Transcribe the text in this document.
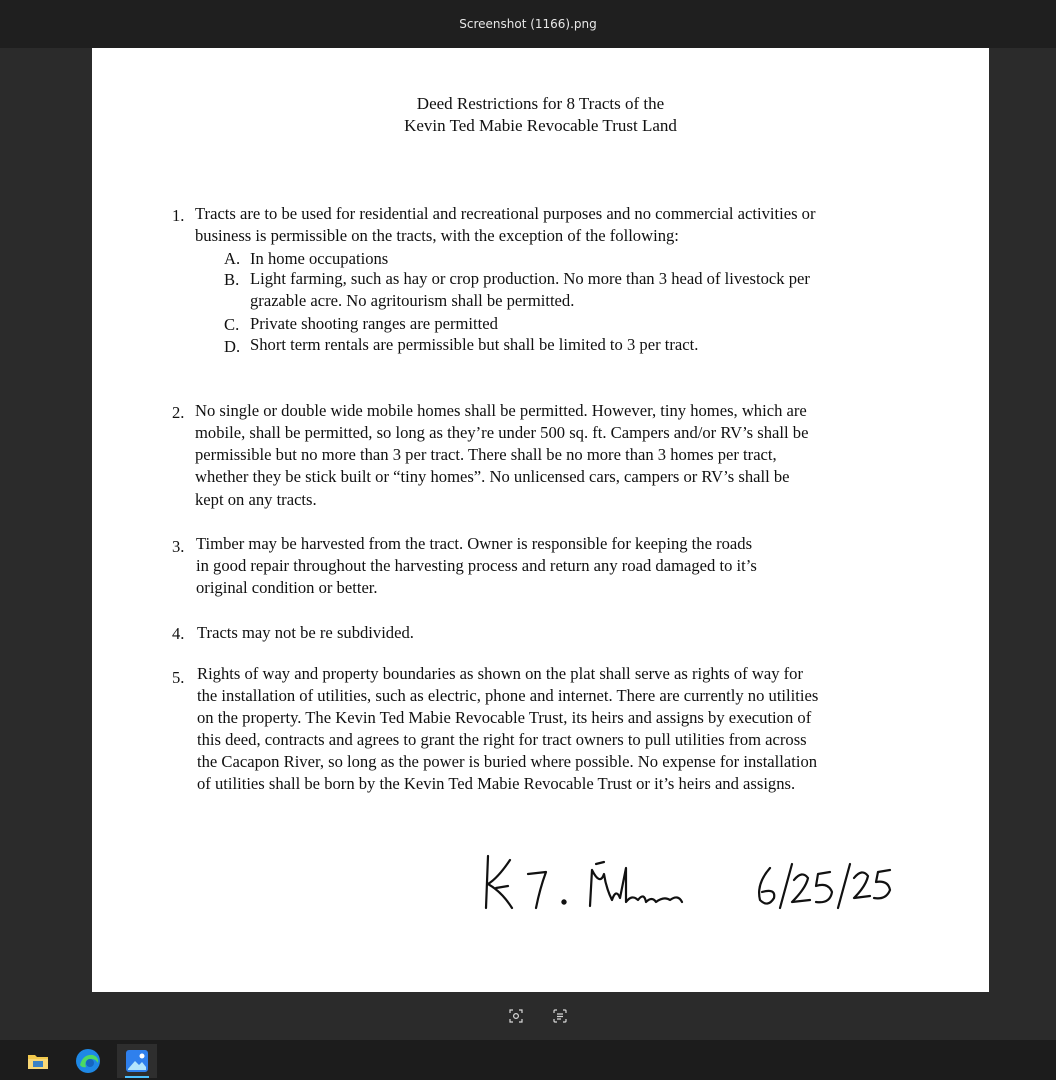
Screenshot (1166).png
Deed Restrictions for 8 Tracts of the
Kevin Ted Mabie Revocable Trust Land
1. Tracts are to be used for residential and recreational purposes and no commercial activities or
business is permissible on the tracts, with the exception of the following:
A. In home occupations
B. Light farming, such as hay or crop production. No more than 3 head of livestock per
grazable acre. No agritourism shall be permitted.
C. Private shooting ranges are permitted
D. Short term rentals are permissible but shall be limited to 3 per tract.
2. No single or double wide mobile homes shall be permitted. However, tiny homes, which are
mobile, shall be permitted, so long as they’re under 500 sq. ft. Campers and/or RV’s shall be
permissible but no more than 3 per tract. There shall be no more than 3 homes per tract,
whether they be stick built or “tiny homes”. No unlicensed cars, campers or RV’s shall be
kept on any tracts.
3. Timber may be harvested from the tract. Owner is responsible for keeping the roads
in good repair throughout the harvesting process and return any road damaged to it’s
original condition or better.
4. Tracts may not be re subdivided.
5. Rights of way and property boundaries as shown on the plat shall serve as rights of way for
the installation of utilities, such as electric, phone and internet. There are currently no utilities
on the property. The Kevin Ted Mabie Revocable Trust, its heirs and assigns by execution of
this deed, contracts and agrees to grant the right for tract owners to pull utilities from across
the Cacapon River, so long as the power is buried where possible. No expense for installation
of utilities shall be born by the Kevin Ted Mabie Revocable Trust or it’s heirs and assigns.
